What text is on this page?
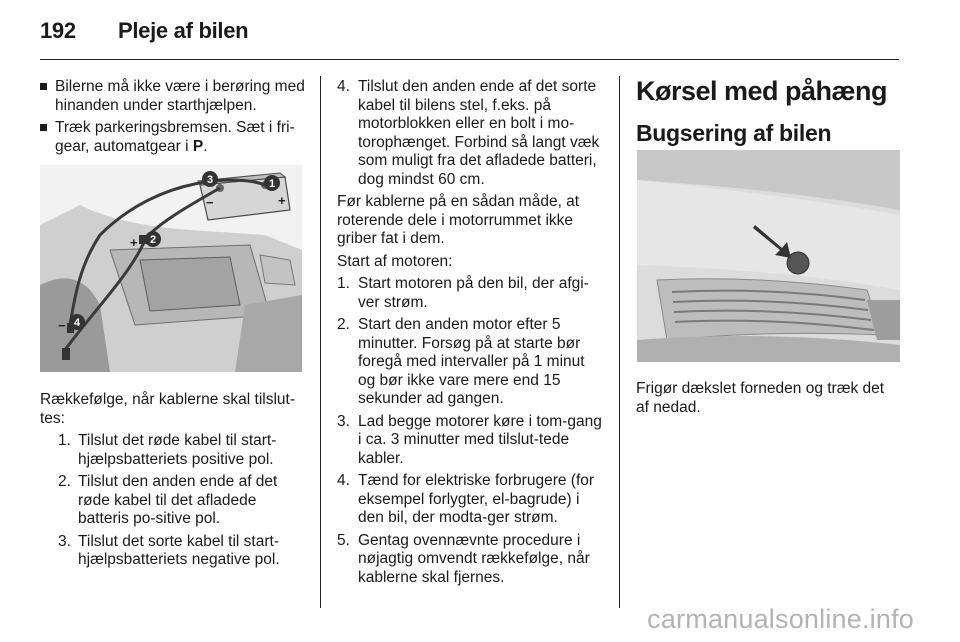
192 Pleje af bilen
Bilerne må ikke være i berøring med hinanden under starthjælpen.
Træk parkeringsbremsen. Sæt i fri-gear, automatgear i P.
3	1
2
4
+
−
+
−

Rækkefølge, når kablerne skal tilslut-tes:

1. Tilslut det røde kabel til start-hjælpsbatteriets positive pol.
2. Tilslut den anden ende af det røde kabel til det afladede batteris po-sitive pol.
3. Tilslut det sorte kabel til start-hjælpsbatteriets negative pol.
4. Tilslut den anden ende af det sorte kabel til bilens stel, f.eks. på motorblokken eller en bolt i mo-torophænget. Forbind så langt væk som muligt fra det afladede batteri, dog mindst 60 cm.

Før kablerne på en sådan måde, at roterende dele i motorrummet ikke griber fat i dem.

Start af motoren:

1. Start motoren på den bil, der afgi-ver strøm.
2. Start den anden motor efter 5 minutter. Forsøg på at starte bør foregå med intervaller på 1 minut og bør ikke vare mere end 15 sekunder ad gangen.
3. Lad begge motorer køre i tom-gang i ca. 3 minutter med tilslut-tede kabler.
4. Tænd for elektriske forbrugere (for eksempel forlygter, el-bagrude) i den bil, der modta-ger strøm.
5. Gentag ovennævnte procedure i nøjagtig omvendt rækkefølge, når kablerne skal fjernes.
Kørsel med påhæng
Bugsering af bilen

Frigør dækslet forneden og træk det af nedad.

carmanualsonline.info
